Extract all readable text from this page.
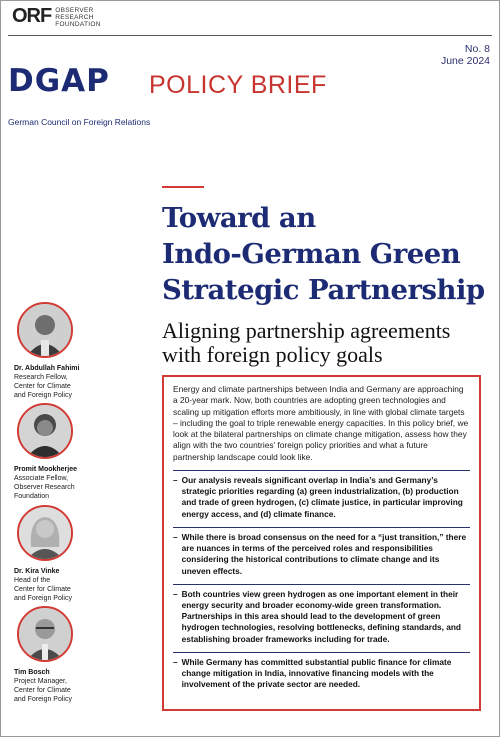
ORF OBSERVER
RESEARCH
FOUNDATION
No. 8
June 2024
DGAP POLICY BRIEF
German Council on Foreign Relations
Toward an
Indo-German Green
Strategic Partnership
Aligning partnership agreements
with foreign policy goals
Dr. Abdullah Fahimi
Research Fellow,
Center for Climate
and Foreign Policy
Promit Mookherjee
Associate Fellow,
Observer Research
Foundation
Dr. Kira Vinke
Head of the
Center for Climate
and Foreign Policy
Tim Bosch
Project Manager,
Center for Climate
and Foreign Policy

Energy and climate partnerships between India and Germany are approaching a 20-year mark. Now, both countries are adopting green technologies and scaling up mitigation efforts more ambitiously, in line with global climate targets – including the goal to triple renewable energy capacities. In this policy brief, we look at the bilateral partnerships on climate change mitigation, assess how they align with the two countries’ foreign policy priorities and what a future partnership landscape could look like.

– Our analysis reveals significant overlap in India’s and Germany’s strategic priorities regarding (a) green industrialization, (b) production and trade of green hydrogen, (c) climate justice, in particular improving energy access, and (d) climate finance.
– While there is broad consensus on the need for a “just transition,” there are nuances in terms of the perceived roles and responsibilities considering the historical contributions to climate change and its uneven effects.
– Both countries view green hydrogen as one important element in their energy security and broader economy-wide green transformation. Partnerships in this area should lead to the development of green hydrogen technologies, resolving bottlenecks, defining standards, and establishing broader frameworks including for trade.
– While Germany has committed substantial public finance for climate change mitigation in India, innovative financing models with the involvement of the private sector are needed.
